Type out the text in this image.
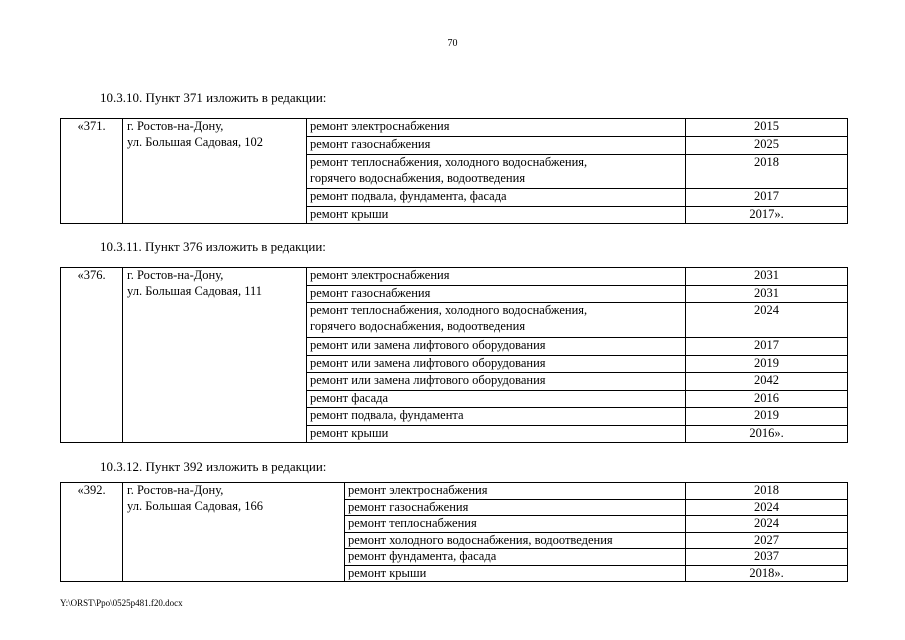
70
10.3.10. Пункт 371 изложить в редакции:
«371.	г. Ростов-на-Дону,
ул. Большая Садовая, 102	ремонт электроснабжения	2015
		ремонт газоснабжения	2025

		ремонт теплоснабжения, холодного водоснабжения,
горячего водоснабжения, водоотведения	2018
		ремонт подвала, фундамента, фасада	2017
		ремонт крыши	2017».
10.3.11. Пункт 376 изложить в редакции:
«376.	г. Ростов-на-Дону,
ул. Большая Садовая, 111	ремонт электроснабжения	2031
		ремонт газоснабжения	2031

		ремонт теплоснабжения, холодного водоснабжения,
горячего водоснабжения, водоотведения	2024
		ремонт или замена лифтового оборудования	2017
		ремонт или замена лифтового оборудования	2019
		ремонт или замена лифтового оборудования	2042
		ремонт фасада	2016
		ремонт подвала, фундамента	2019
		ремонт крыши	2016».
10.3.12. Пункт 392 изложить в редакции:
«392.	г. Ростов-на-Дону,
ул. Большая Садовая, 166	ремонт электроснабжения	2018
		ремонт газоснабжения	2024
		ремонт теплоснабжения	2024
		ремонт холодного водоснабжения, водоотведения	2027
		ремонт фундамента, фасада	2037
		ремонт крыши	2018».
Y:\ORST\Ppo\0525p481.f20.docx
